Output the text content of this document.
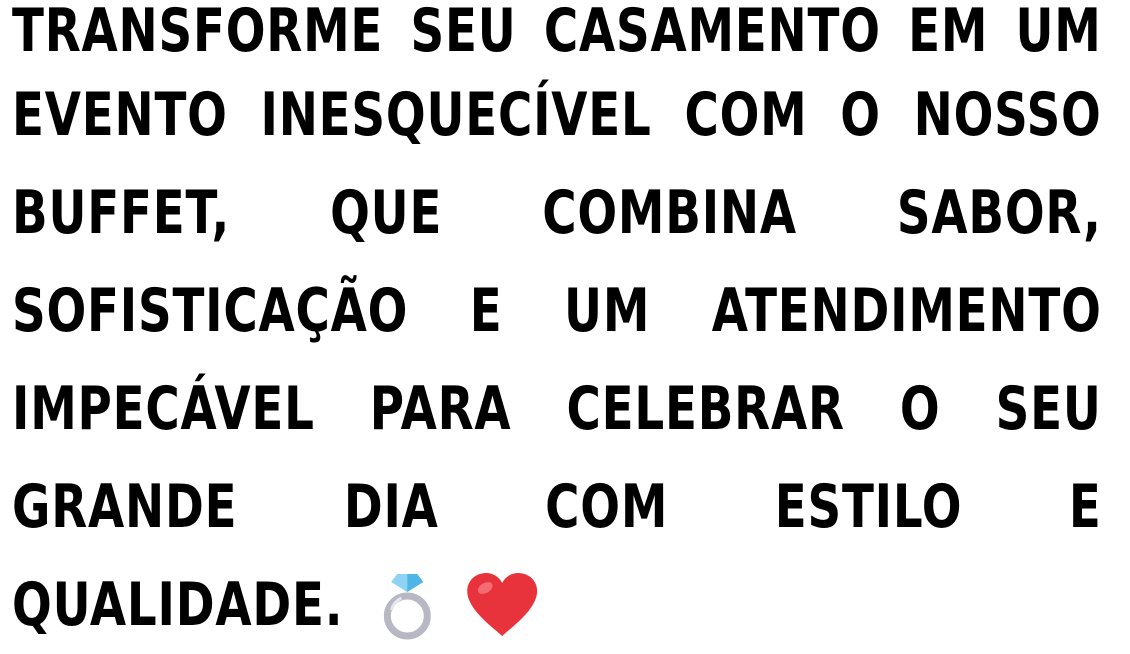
TRANSFORME SEU CASAMENTO EM UM
EVENTO INESQUECÍVEL COM O NOSSO
BUFFET, QUE COMBINA SABOR,
SOFISTICAÇÃO E UM ATENDIMENTO
IMPECÁVEL PARA CELEBRAR O SEU
GRANDE DIA COM ESTILO E
QUALIDADE.
